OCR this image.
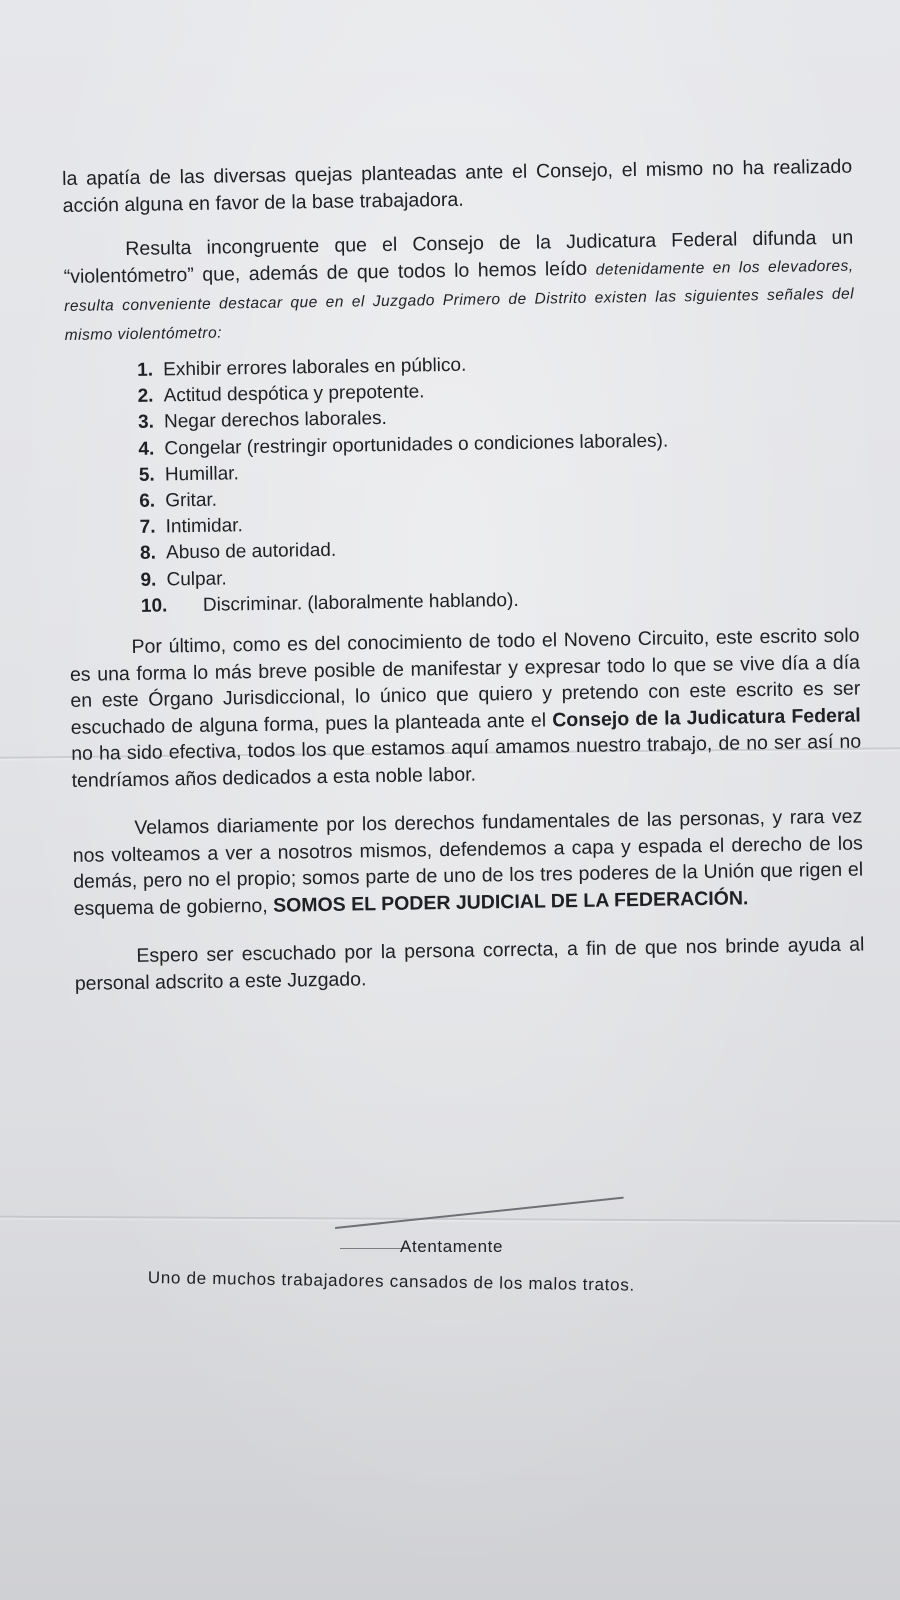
la apatía de las diversas quejas planteadas ante el Consejo, el mismo no ha realizado acción alguna en favor de la base trabajadora.

Resulta incongruente que el Consejo de la Judicatura Federal difunda un “violentómetro” que, además de que todos lo hemos leído detenidamente en los elevadores, resulta conveniente destacar que en el Juzgado Primero de Distrito existen las siguientes señales del mismo violentómetro:

1. Exhibir errores laborales en público.
2. Actitud despótica y prepotente.
3. Negar derechos laborales.
4. Congelar (restringir oportunidades o condiciones laborales).
5. Humillar.
6. Gritar.
7. Intimidar.
8. Abuso de autoridad.
9. Culpar.
10. Discriminar. (laboralmente hablando).

Por último, como es del conocimiento de todo el Noveno Circuito, este escrito solo es una forma lo más breve posible de manifestar y expresar todo lo que se vive día a día en este Órgano Jurisdiccional, lo único que quiero y pretendo con este escrito es ser escuchado de alguna forma, pues la planteada ante el Consejo de la Judicatura Federal no ha sido efectiva, todos los que estamos aquí amamos nuestro trabajo, de no ser así no tendríamos años dedicados a esta noble labor.

Velamos diariamente por los derechos fundamentales de las personas, y rara vez nos volteamos a ver a nosotros mismos, defendemos a capa y espada el derecho de los demás, pero no el propio; somos parte de uno de los tres poderes de la Unión que rigen el esquema de gobierno, SOMOS EL PODER JUDICIAL DE LA FEDERACIÓN.

Espero ser escuchado por la persona correcta, a fin de que nos brinde ayuda al personal adscrito a este Juzgado.

Atentamente
Uno de muchos trabajadores cansados de los malos tratos.
